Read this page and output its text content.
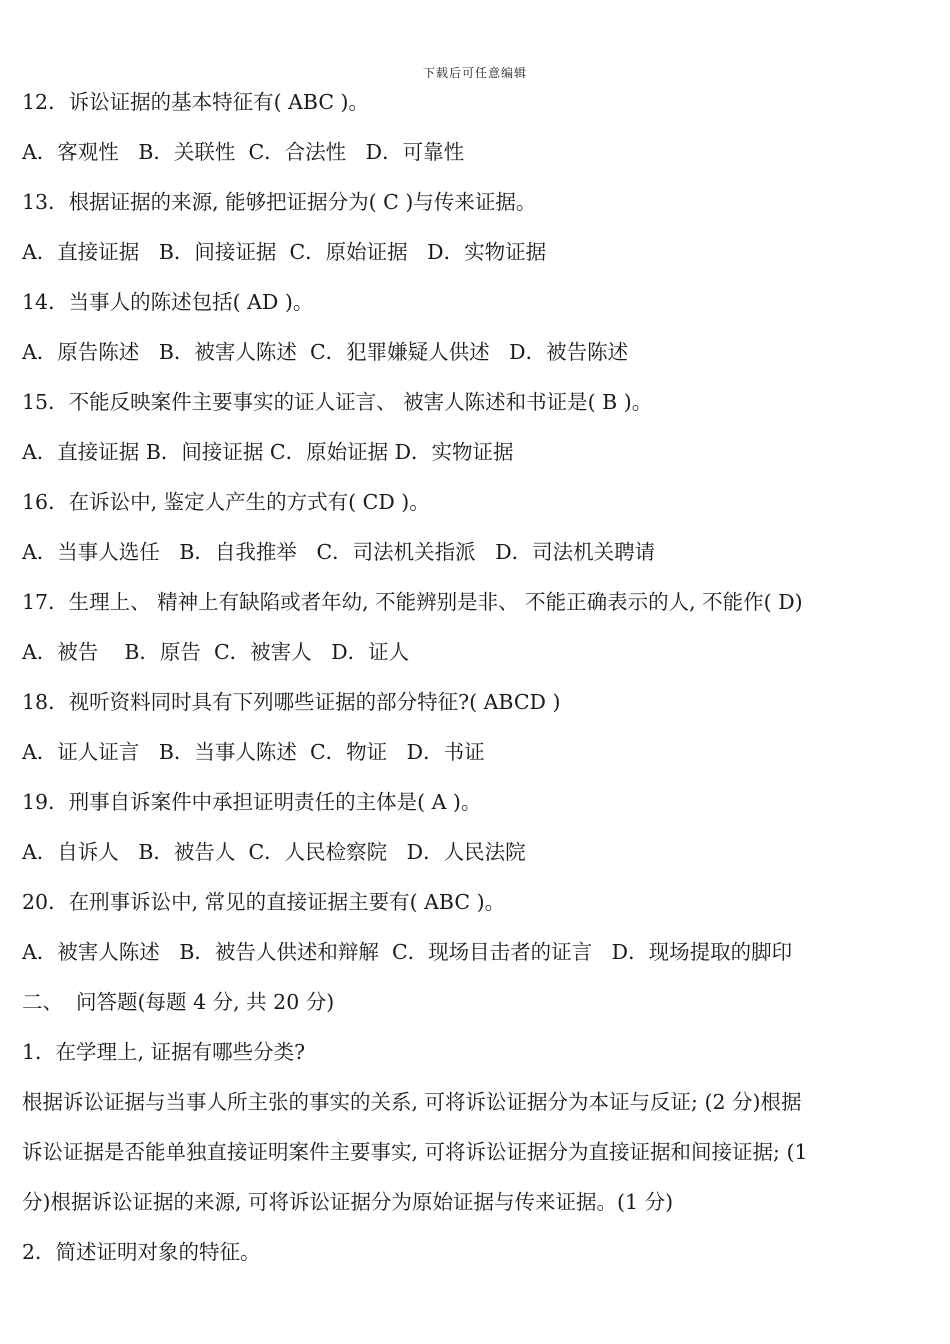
下载后可任意编辑
12．诉讼证据的基本特征有( ABC )。
A．客观性   B．关联性  C．合法性   D．可靠性
13．根据证据的来源, 能够把证据分为( C )与传来证据。
A．直接证据   B．间接证据  C．原始证据   D．实物证据
14．当事人的陈述包括( AD )。
A．原告陈述   B．被害人陈述  C．犯罪嫌疑人供述   D．被告陈述
15．不能反映案件主要事实的证人证言、 被害人陈述和书证是( B )。
A．直接证据 B．间接证据 C．原始证据 D．实物证据
16．在诉讼中, 鉴定人产生的方式有( CD )。
A．当事人选任   B．自我推举   C．司法机关指派   D．司法机关聘请
17．生理上、 精神上有缺陷或者年幼, 不能辨别是非、 不能正确表示的人, 不能作( D)
A．被告    B．原告  C．被害人   D．证人
18．视听资料同时具有下列哪些证据的部分特征?( ABCD )
A．证人证言   B．当事人陈述  C．物证   D．书证
19．刑事自诉案件中承担证明责任的主体是( A )。
A．自诉人   B．被告人  C．人民检察院   D．人民法院
20．在刑事诉讼中, 常见的直接证据主要有( ABC )。
A．被害人陈述   B．被告人供述和辩解  C．现场目击者的证言   D．现场提取的脚印
二、  问答题(每题 4 分, 共 20 分)
1．在学理上, 证据有哪些分类?
根据诉讼证据与当事人所主张的事实的关系, 可将诉讼证据分为本证与反证; (2 分)根据
诉讼证据是否能单独直接证明案件主要事实, 可将诉讼证据分为直接证据和间接证据; (1
分)根据诉讼证据的来源, 可将诉讼证据分为原始证据与传来证据。(1 分)
2．简述证明对象的特征。
